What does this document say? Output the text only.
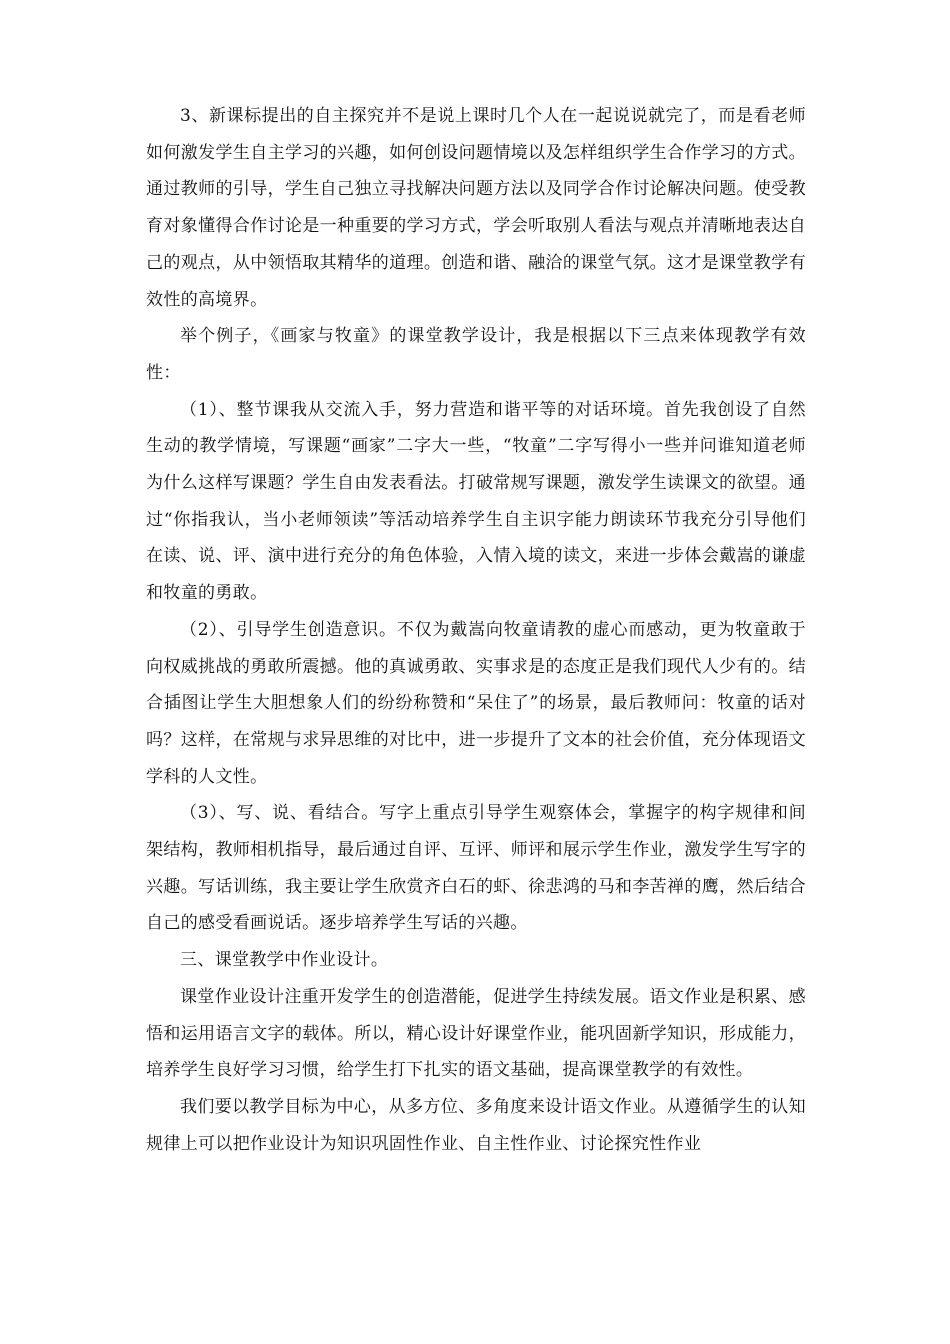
3、新课标提出的自主探究并不是说上课时几个人在一起说说就完了，而是看老师如何激发学生自主学习的兴趣，如何创设问题情境以及怎样组织学生合作学习的方式。通过教师的引导，学生自己独立寻找解决问题方法以及同学合作讨论解决问题。使受教育对象懂得合作讨论是一种重要的学习方式，学会听取别人看法与观点并清晰地表达自己的观点，从中领悟取其精华的道理。创造和谐、融洽的课堂气氛。这才是课堂教学有效性的高境界。

举个例子，《画家与牧童》的课堂教学设计，我是根据以下三点来体现教学有效性：

（1）、整节课我从交流入手，努力营造和谐平等的对话环境。首先我创设了自然生动的教学情境，写课题“画家”二字大一些，“牧童”二字写得小一些并问谁知道老师为什么这样写课题？学生自由发表看法。打破常规写课题，激发学生读课文的欲望。通过“你指我认，当小老师领读”等活动培养学生自主识字能力朗读环节我充分引导他们在读、说、评、演中进行充分的角色体验，入情入境的读文，来进一步体会戴嵩的谦虚和牧童的勇敢。

（2）、引导学生创造意识。不仅为戴嵩向牧童请教的虚心而感动，更为牧童敢于向权威挑战的勇敢所震撼。他的真诚勇敢、实事求是的态度正是我们现代人少有的。结合插图让学生大胆想象人们的纷纷称赞和“呆住了”的场景，最后教师问：牧童的话对吗？这样，在常规与求异思维的对比中，进一步提升了文本的社会价值，充分体现语文学科的人文性。

（3）、写、说、看结合。写字上重点引导学生观察体会，掌握字的构字规律和间架结构，教师相机指导，最后通过自评、互评、师评和展示学生作业，激发学生写字的兴趣。写话训练，我主要让学生欣赏齐白石的虾、徐悲鸿的马和李苦禅的鹰，然后结合自己的感受看画说话。逐步培养学生写话的兴趣。

三、课堂教学中作业设计。

课堂作业设计注重开发学生的创造潜能，促进学生持续发展。语文作业是积累、感悟和运用语言文字的载体。所以，精心设计好课堂作业，能巩固新学知识，形成能力，培养学生良好学习习惯，给学生打下扎实的语文基础，提高课堂教学的有效性。

我们要以教学目标为中心，从多方位、多角度来设计语文作业。从遵循学生的认知规律上可以把作业设计为知识巩固性作业、自主性作业、讨论探究性作业
